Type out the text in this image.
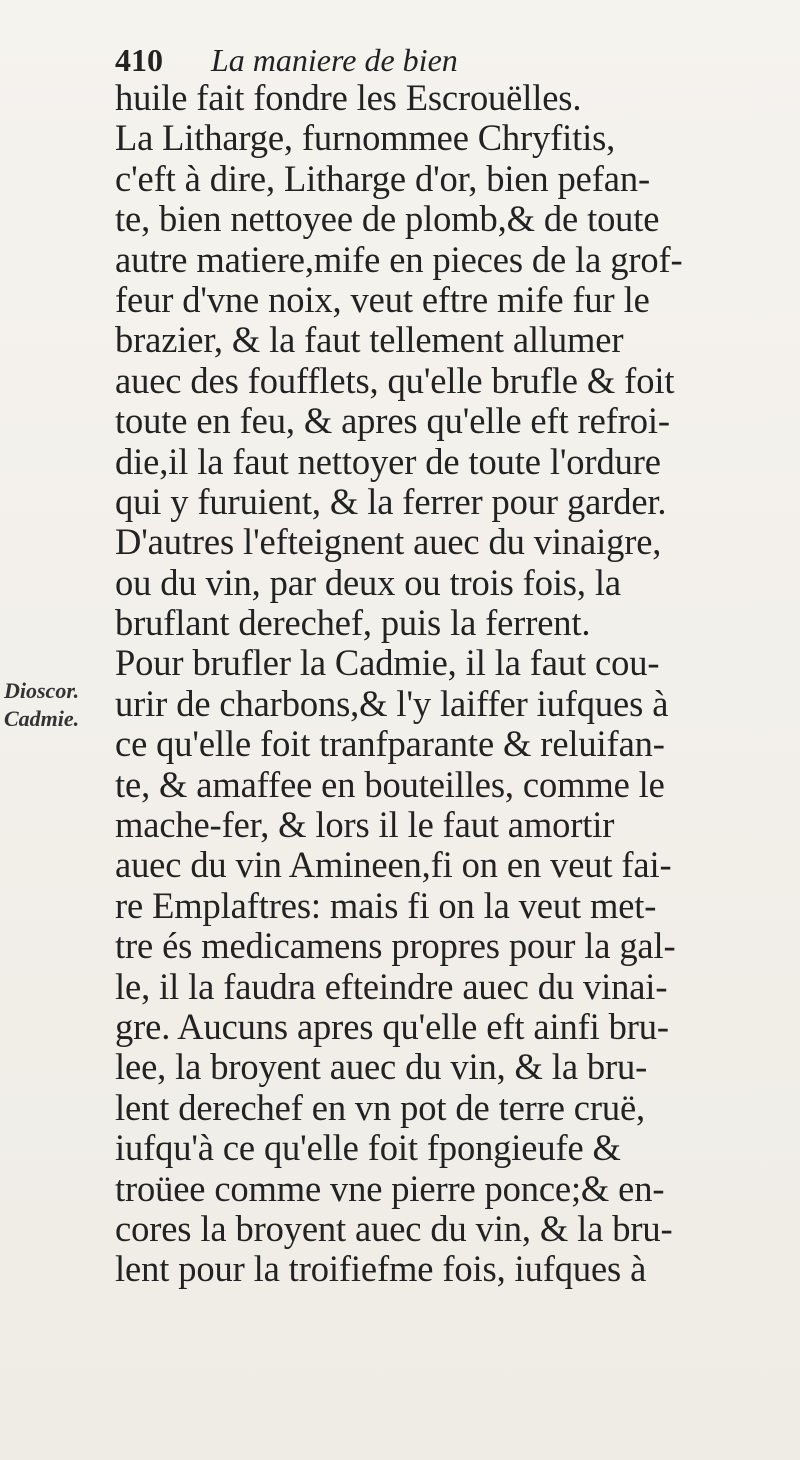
410 La maniere de bien
Dioscor.
Cadmie.
huile fait fondre les Escrouëlles.
La Litharge, furnommee Chryfitis,
c'eft à dire, Litharge d'or, bien pefan-
te, bien nettoyee de plomb,& de toute
autre matiere,mife en pieces de la grof-
feur d'vne noix, veut eftre mife fur le
brazier, & la faut tellement allumer
auec des foufflets, qu'elle brufle & foit
toute en feu, & apres qu'elle eft refroi-
die,il la faut nettoyer de toute l'ordure
qui y furuient, & la ferrer pour garder.
D'autres l'efteignent auec du vinaigre,
ou du vin, par deux ou trois fois, la
bruflant derechef, puis la ferrent.
Pour brufler la Cadmie, il la faut cou-
urir de charbons,& l'y laiffer iufques à
ce qu'elle foit tranfparante & reluifan-
te, & amaffee en bouteilles, comme le
mache-fer, & lors il le faut amortir
auec du vin Amineen,fi on en veut fai-
re Emplaftres: mais fi on la veut met-
tre és medicamens propres pour la gal-
le, il la faudra efteindre auec du vinai-
gre. Aucuns apres qu'elle eft ainfi bru-
lee, la broyent auec du vin, & la bru-
lent derechef en vn pot de terre cruë,
iufqu'à ce qu'elle foit fpongieufe &
troüee comme vne pierre ponce;& en-
cores la broyent auec du vin, & la bru-
lent pour la troifiefme fois, iufques à
